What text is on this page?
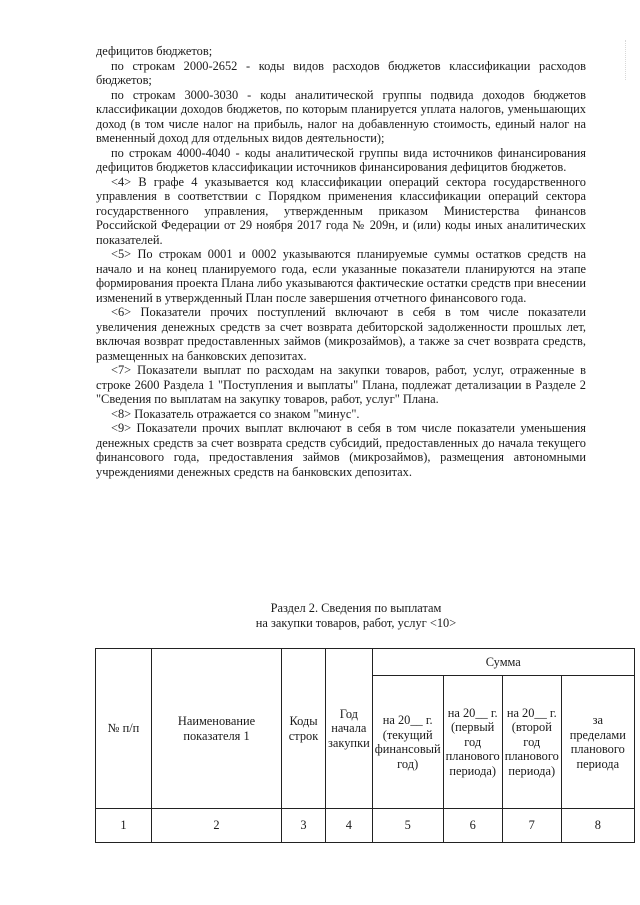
дефицитов бюджетов;

по строкам 2000-2652 - коды видов расходов бюджетов классификации расходов бюджетов;

по строкам 3000-3030 - коды аналитической группы подвида доходов бюджетов классификации доходов бюджетов, по которым планируется уплата налогов, уменьшающих доход (в том числе налог на прибыль, налог на добавленную стоимость, единый налог на вмененный доход для отдельных видов деятельности);

по строкам 4000-4040 - коды аналитической группы вида источников финансирования дефицитов бюджетов классификации источников финансирования дефицитов бюджетов.

<4> В графе 4 указывается код классификации операций сектора государственного управления в соответствии с Порядком применения классификации операций сектора государственного управления, утвержденным приказом Министерства финансов Российской Федерации от 29 ноября 2017 года № 209н, и (или) коды иных аналитических показателей.

<5> По строкам 0001 и 0002 указываются планируемые суммы остатков средств на начало и на конец планируемого года, если указанные показатели планируются на этапе формирования проекта Плана либо указываются фактические остатки средств при внесении изменений в утвержденный План после завершения отчетного финансового года.

<6> Показатели прочих поступлений включают в себя в том числе показатели увеличения денежных средств за счет возврата дебиторской задолженности прошлых лет, включая возврат предоставленных займов (микрозаймов), а также за счет возврата средств, размещенных на банковских депозитах.

<7> Показатели выплат по расходам на закупки товаров, работ, услуг, отраженные в строке 2600 Раздела 1 "Поступления и выплаты" Плана, подлежат детализации в Разделе 2 "Сведения по выплатам на закупку товаров, работ, услуг" Плана.

<8> Показатель отражается со знаком "минус".

<9> Показатели прочих выплат включают в себя в том числе показатели уменьшения денежных средств за счет возврата средств субсидий, предоставленных до начала текущего финансового года, предоставления займов (микрозаймов), размещения автономными учреждениями денежных средств на банковских депозитах.

Раздел 2. Сведения по выплатам
на закупки товаров, работ, услуг <10>
№ п/п	Наименование показателя 1	Коды строк	Год начала закупки	Сумма			
				на 20__ г. (текущий финансовый год)	на 20__ г. (первый год планового периода)	на 20__ г. (второй год планового периода)	за пределами планового периода
1	2	3	4	5	6	7	8
